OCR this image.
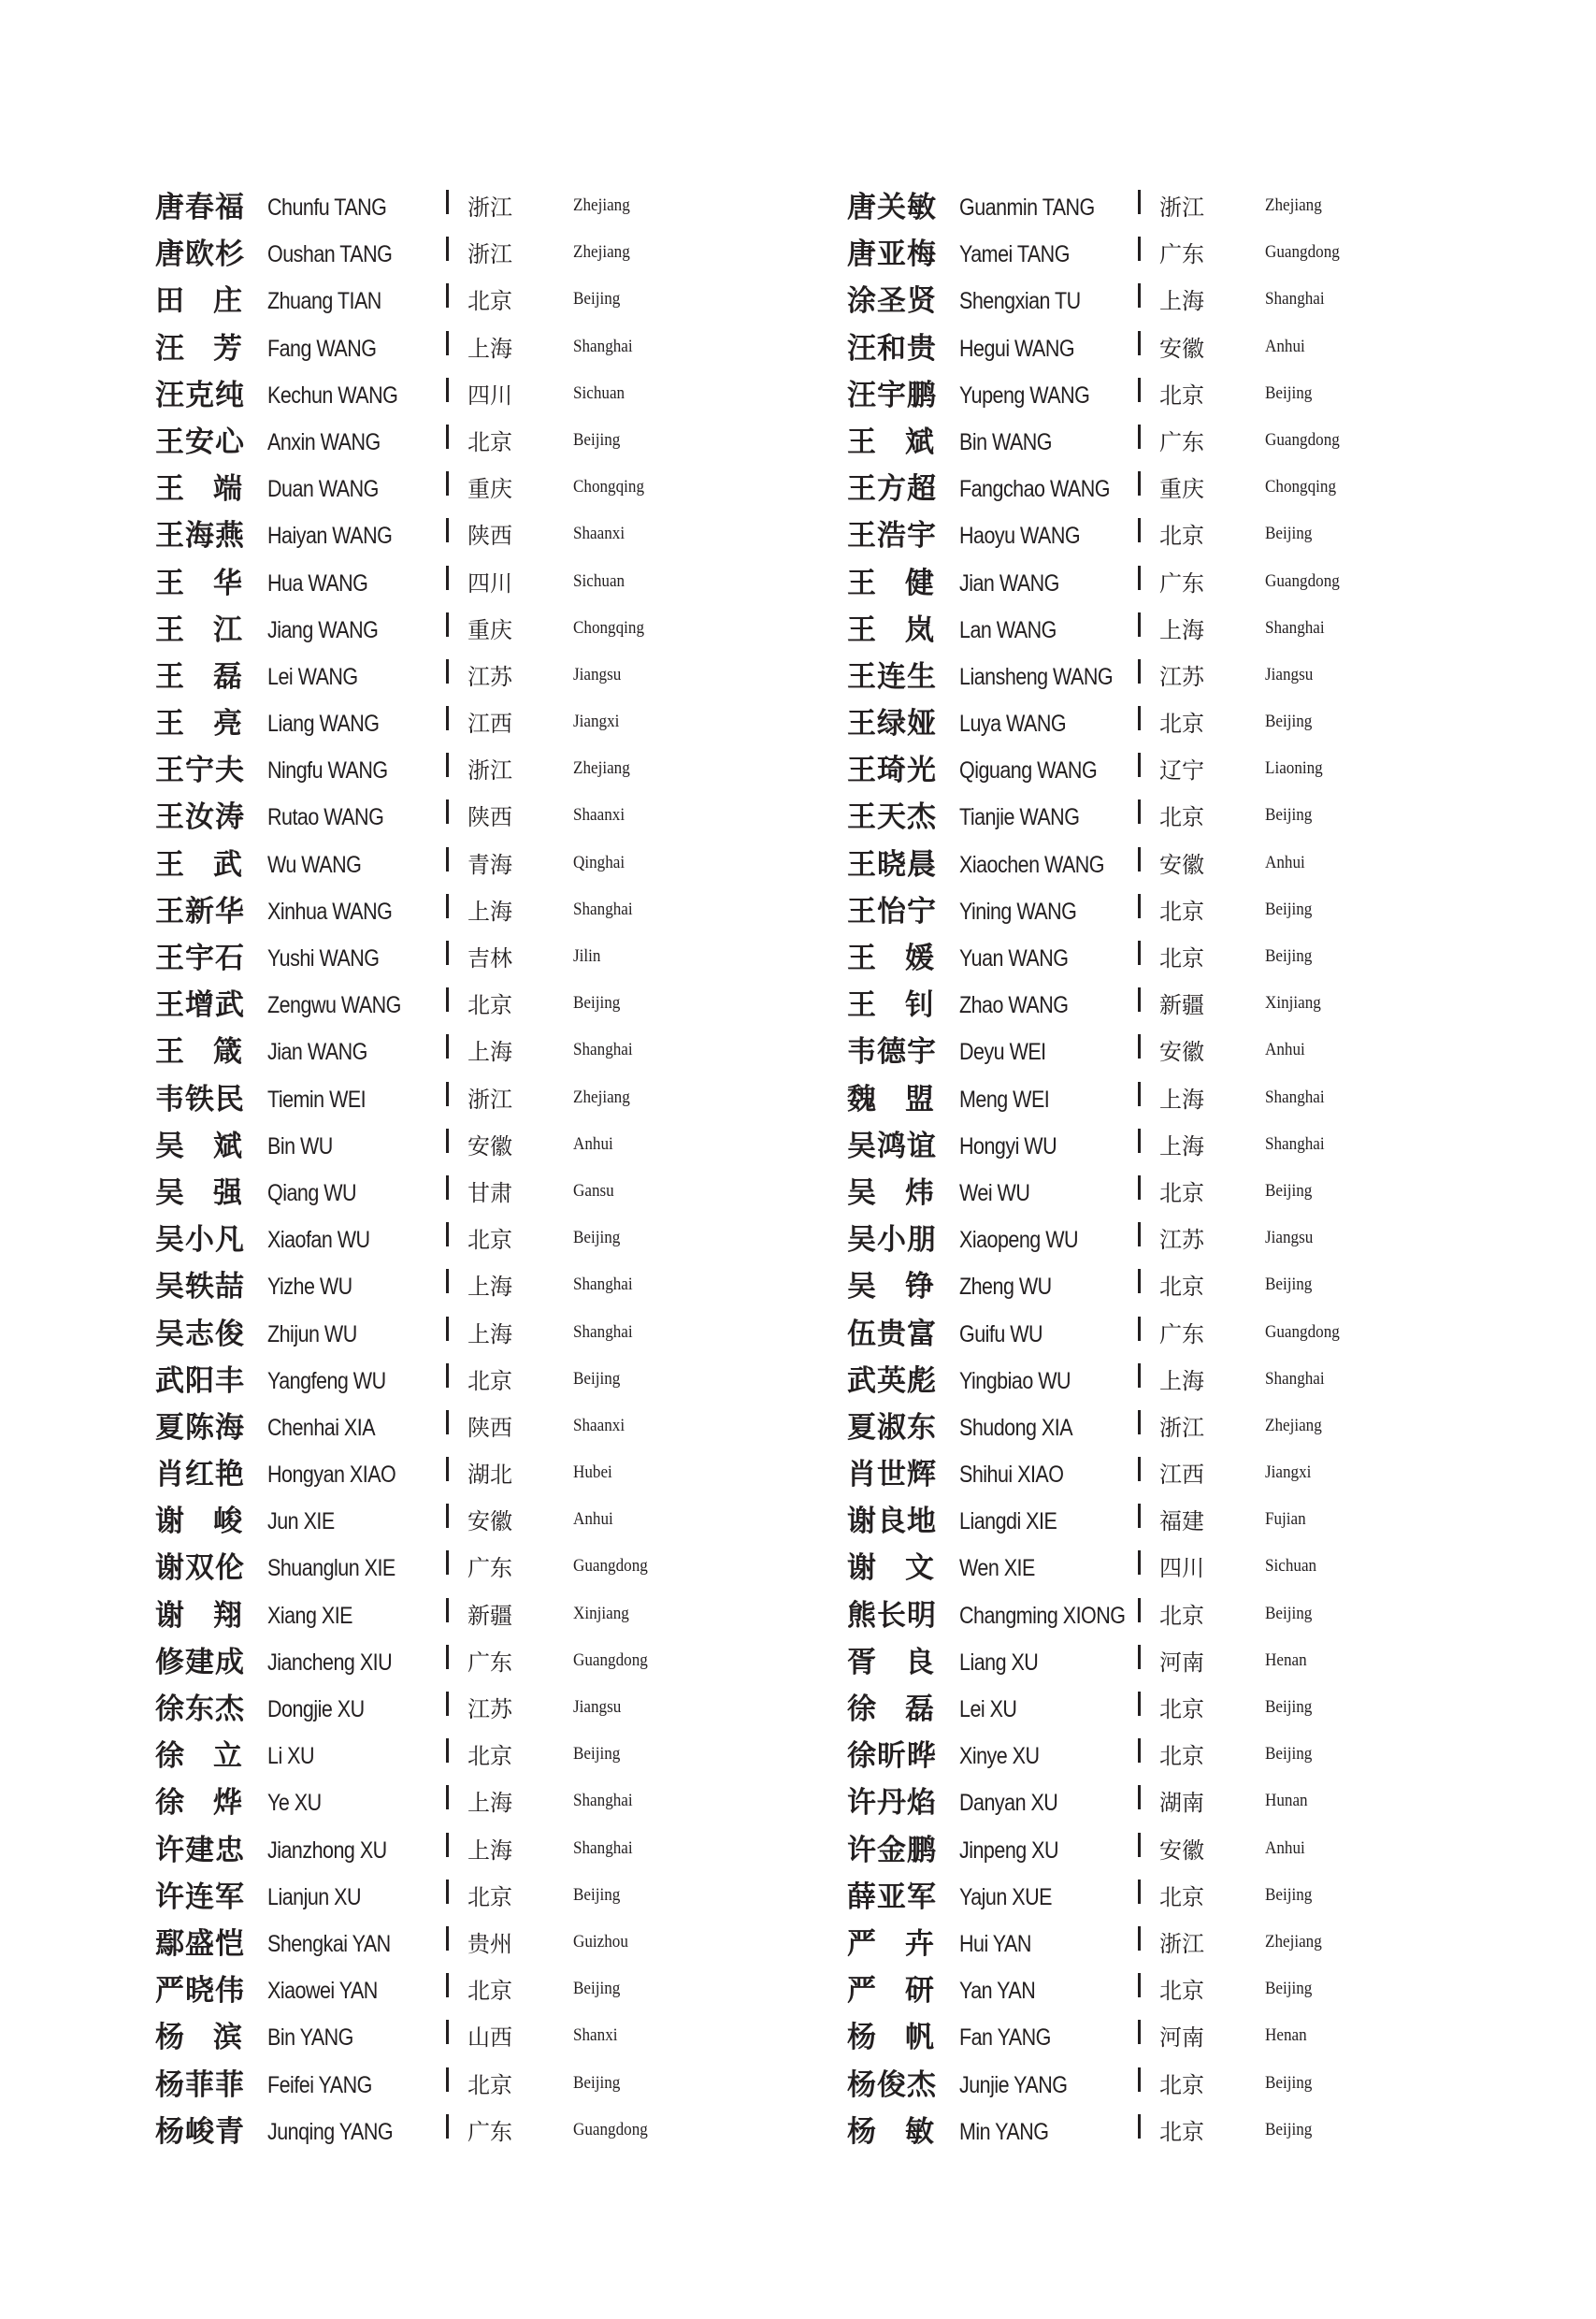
唐春福 Chunfu TANG	浙江	Zhejiang
唐欧杉 Oushan TANG	浙江	Zhejiang
田 庄 Zhuang TIAN	北京	Beijing
汪 芳 Fang WANG	上海	Shanghai
汪克纯 Kechun WANG	四川	Sichuan
王安心 Anxin WANG	北京	Beijing
王 端 Duan WANG	重庆	Chongqing
王海燕 Haiyan WANG	陕西	Shaanxi
王 华 Hua WANG	四川	Sichuan
王 江 Jiang WANG	重庆	Chongqing
王 磊 Lei WANG	江苏	Jiangsu
王 亮 Liang WANG	江西	Jiangxi
王宁夫 Ningfu WANG	浙江	Zhejiang
王汝涛 Rutao WANG	陕西	Shaanxi
王 武 Wu WANG	青海	Qinghai
王新华 Xinhua WANG	上海	Shanghai
王宇石 Yushi WANG	吉林	Jilin
王增武 Zengwu WANG	北京	Beijing
王 箴 Jian WANG	上海	Shanghai
韦铁民 Tiemin WEI	浙江	Zhejiang
吴 斌 Bin WU	安徽	Anhui
吴 强 Qiang WU	甘肃	Gansu
吴小凡 Xiaofan WU	北京	Beijing
吴轶喆 Yizhe WU	上海	Shanghai
吴志俊 Zhijun WU	上海	Shanghai
武阳丰 Yangfeng WU	北京	Beijing
夏陈海 Chenhai XIA	陕西	Shaanxi
肖红艳 Hongyan XIAO	湖北	Hubei
谢 峻 Jun XIE	安徽	Anhui
谢双伦 Shuanglun XIE	广东	Guangdong
谢 翔 Xiang XIE	新疆	Xinjiang
修建成 Jiancheng XIU	广东	Guangdong
徐东杰 Dongjie XU	江苏	Jiangsu
徐 立 Li XU	北京	Beijing
徐 烨 Ye XU	上海	Shanghai
许建忠 Jianzhong XU	上海	Shanghai
许连军 Lianjun XU	北京	Beijing
鄢盛恺 Shengkai YAN	贵州	Guizhou
严晓伟 Xiaowei YAN	北京	Beijing
杨 滨 Bin YANG	山西	Shanxi
杨菲菲 Feifei YANG	北京	Beijing
杨峻青 Junqing YANG	广东	Guangdong
唐关敏 Guanmin TANG	浙江	Zhejiang
唐亚梅 Yamei TANG	广东	Guangdong
涂圣贤 Shengxian TU	上海	Shanghai
汪和贵 Hegui WANG	安徽	Anhui
汪宇鹏 Yupeng WANG	北京	Beijing
王 斌 Bin WANG	广东	Guangdong
王方超 Fangchao WANG 重庆	Chongqing
王浩宇 Haoyu WANG	北京	Beijing
王 健 Jian WANG	广东	Guangdong
王 岚 Lan WANG	上海	Shanghai
王连生 Liansheng WANG 江苏	Jiangsu
王绿娅 Luya WANG	北京	Beijing
王琦光 Qiguang WANG	辽宁	Liaoning
王天杰 Tianjie WANG	北京	Beijing
王晓晨 Xiaochen WANG 安徽	Anhui
王怡宁 Yining WANG	北京	Beijing
王 媛 Yuan WANG	北京	Beijing
王 钊 Zhao WANG	新疆	Xinjiang
韦德宇 Deyu WEI	安徽	Anhui
魏 盟 Meng WEI	上海	Shanghai
吴鸿谊 Hongyi WU	上海	Shanghai
吴 炜 Wei WU	北京	Beijing
吴小朋 Xiaopeng WU	江苏	Jiangsu
吴 铮 Zheng WU	北京	Beijing
伍贵富 Guifu WU	广东	Guangdong
武英彪 Yingbiao WU	上海	Shanghai
夏淑东 Shudong XIA	浙江	Zhejiang
肖世辉 Shihui XIAO	江西	Jiangxi
谢良地 Liangdi XIE	福建	Fujian
谢 文 Wen XIE	四川	Sichuan
熊长明 Changming XIONG 北京	Beijing
胥 良 Liang XU	河南	Henan
徐 磊 Lei XU	北京	Beijing
徐昕晔 Xinye XU	北京	Beijing
许丹焰 Danyan XU	湖南	Hunan
许金鹏 Jinpeng XU	安徽	Anhui
薛亚军 Yajun XUE	北京	Beijing
严 卉 Hui YAN	浙江	Zhejiang
严 研 Yan YAN	北京	Beijing
杨 帆 Fan YANG	河南	Henan
杨俊杰 Junjie YANG	北京	Beijing
杨 敏 Min YANG	北京	Beijing
